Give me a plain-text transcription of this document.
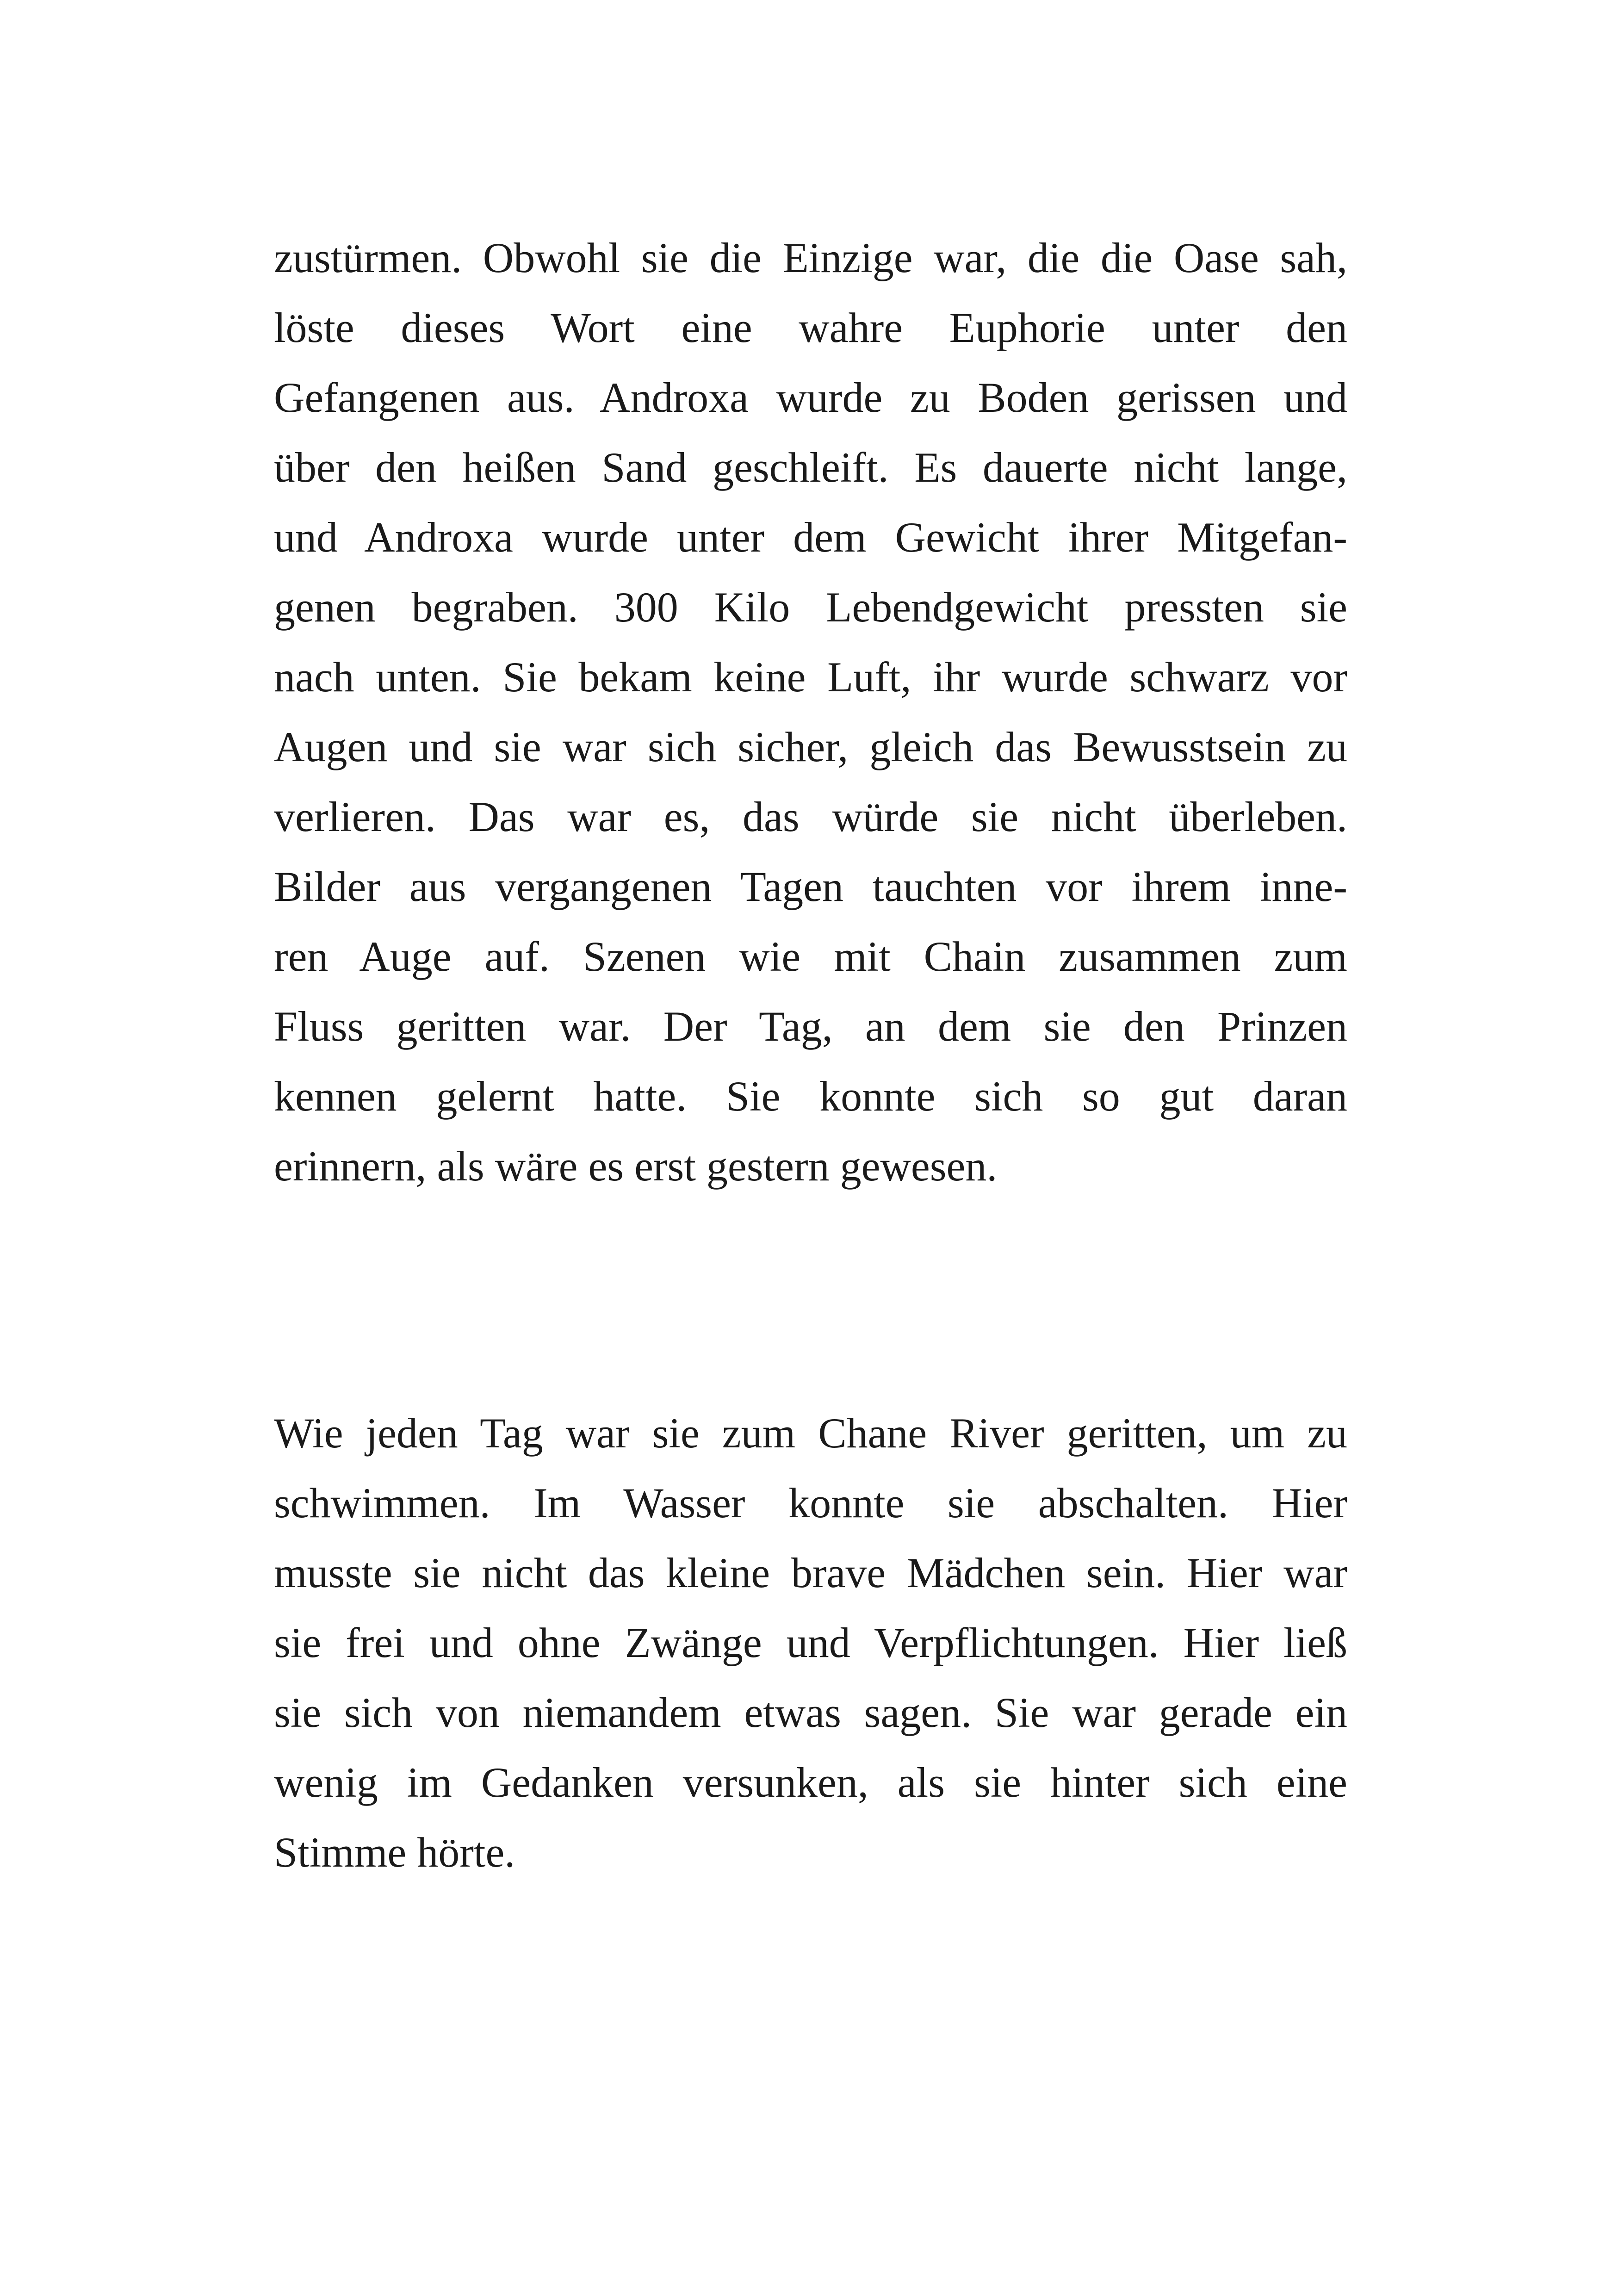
zustürmen. Obwohl sie die Einzige war, die die Oase sah,
löste dieses Wort eine wahre Euphorie unter den
Gefangenen aus. Androxa wurde zu Boden gerissen und
über den heißen Sand geschleift. Es dauerte nicht lange,
und Androxa wurde unter dem Gewicht ihrer Mitgefan-
genen begraben. 300 Kilo Lebendgewicht pressten sie
nach unten. Sie bekam keine Luft, ihr wurde schwarz vor
Augen und sie war sich sicher, gleich das Bewusstsein zu
verlieren. Das war es, das würde sie nicht überleben.
Bilder aus vergangenen Tagen tauchten vor ihrem inne-
ren Auge auf. Szenen wie mit Chain zusammen zum
Fluss geritten war. Der Tag, an dem sie den Prinzen
kennen gelernt hatte. Sie konnte sich so gut daran
erinnern, als wäre es erst gestern gewesen.

Wie jeden Tag war sie zum Chane River geritten, um zu
schwimmen. Im Wasser konnte sie abschalten. Hier
musste sie nicht das kleine brave Mädchen sein. Hier war
sie frei und ohne Zwänge und Verpflichtungen. Hier ließ
sie sich von niemandem etwas sagen. Sie war gerade ein
wenig im Gedanken versunken, als sie hinter sich eine
Stimme hörte.
